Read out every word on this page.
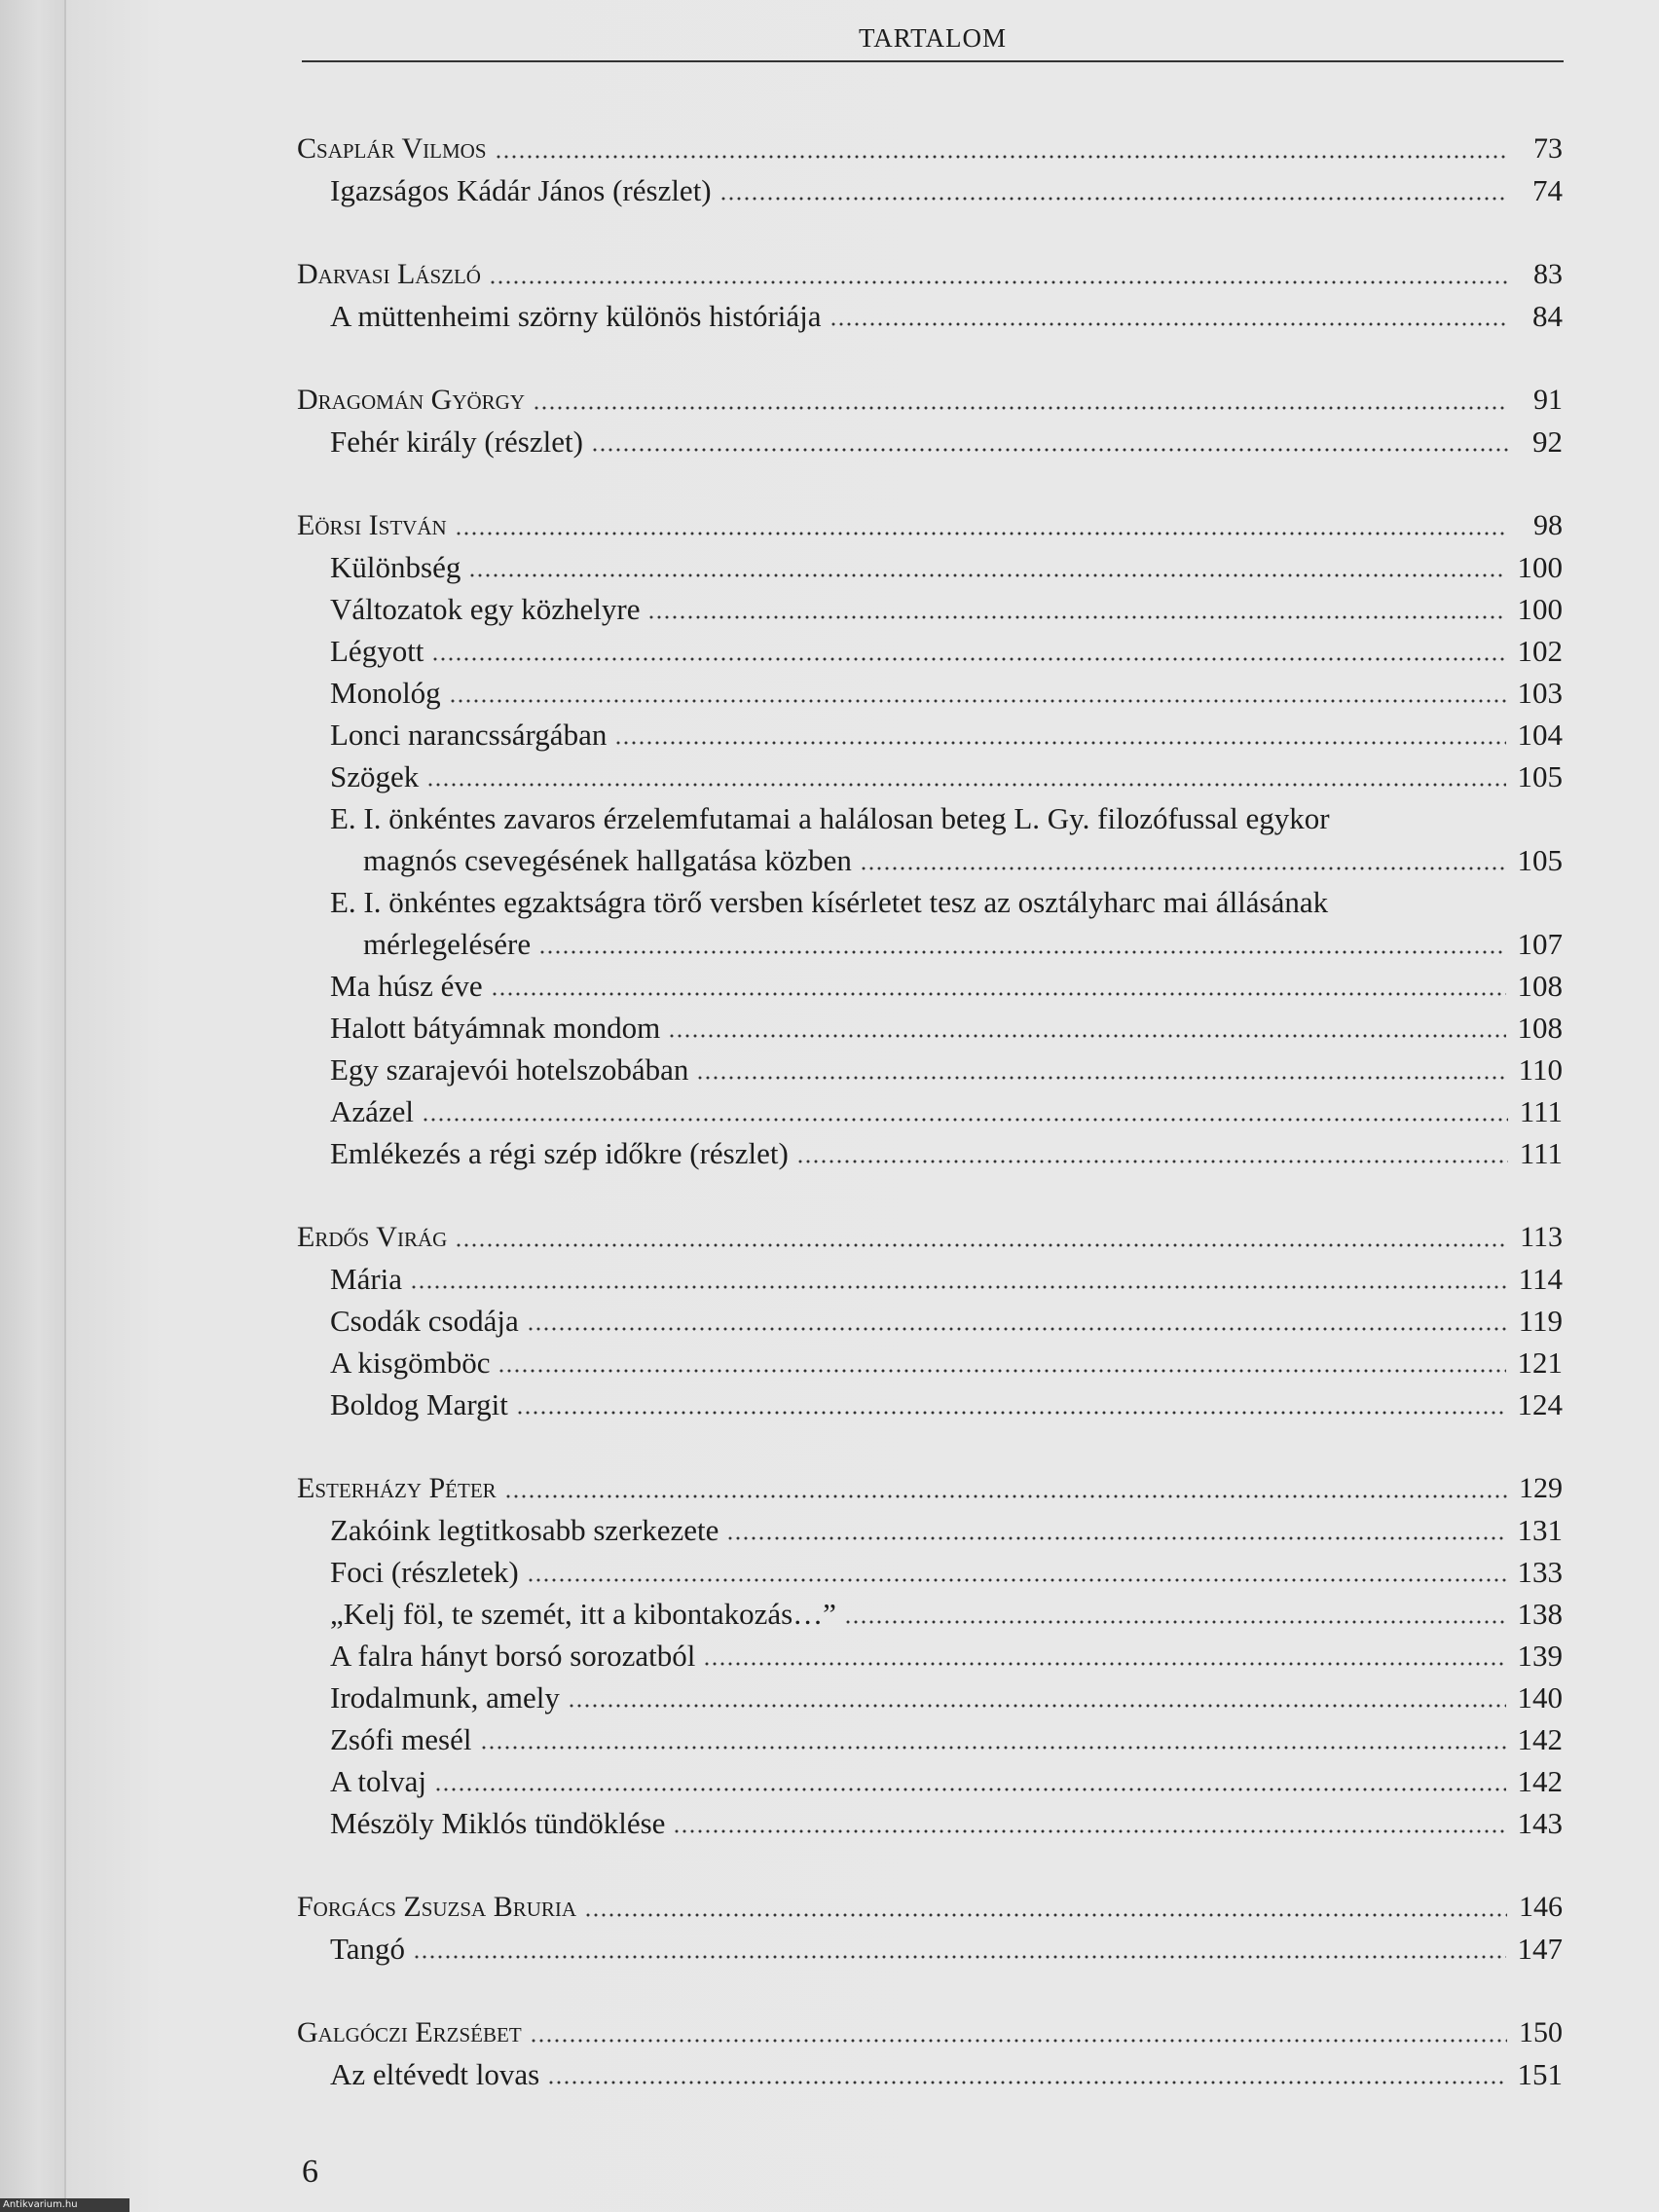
TARTALOM
Csaplár Vilmos	73
Igazságos Kádár János (részlet)	74
Darvasi László	83
A müttenheimi szörny különös históriája	84
Dragomán György	91
Fehér király (részlet)	92
Eörsi István	98
Különbség	100
Változatok egy közhelyre	100
Légyott	102
Monológ	103
Lonci narancssárgában	104
Szögek	105
E. I. önkéntes zavaros érzelemfutamai a halálosan beteg L. Gy. filozófussal egykor
magnós csevegésének hallgatása közben	105
E. I. önkéntes egzaktságra törő versben kísérletet tesz az osztályharc mai állásának
mérlegelésére	107
Ma húsz éve	108
Halott bátyámnak mondom	108
Egy szarajevói hotelszobában	110
Azázel	111
Emlékezés a régi szép időkre (részlet)	111
Erdős Virág	113
Mária	114
Csodák csodája	119
A kisgömböc	121
Boldog Margit	124
Esterházy Péter	129
Zakóink legtitkosabb szerkezete	131
Foci (részletek)	133
„Kelj föl, te szemét, itt a kibontakozás…”	138
A falra hányt borsó sorozatból	139
Irodalmunk, amely	140
Zsófi mesél	142
A tolvaj	142
Mészöly Miklós tündöklése	143
Forgács Zsuzsa Bruria	146
Tangó	147
Galgóczi Erzsébet	150
Az eltévedt lovas	151
6
Antikvarium.hu
